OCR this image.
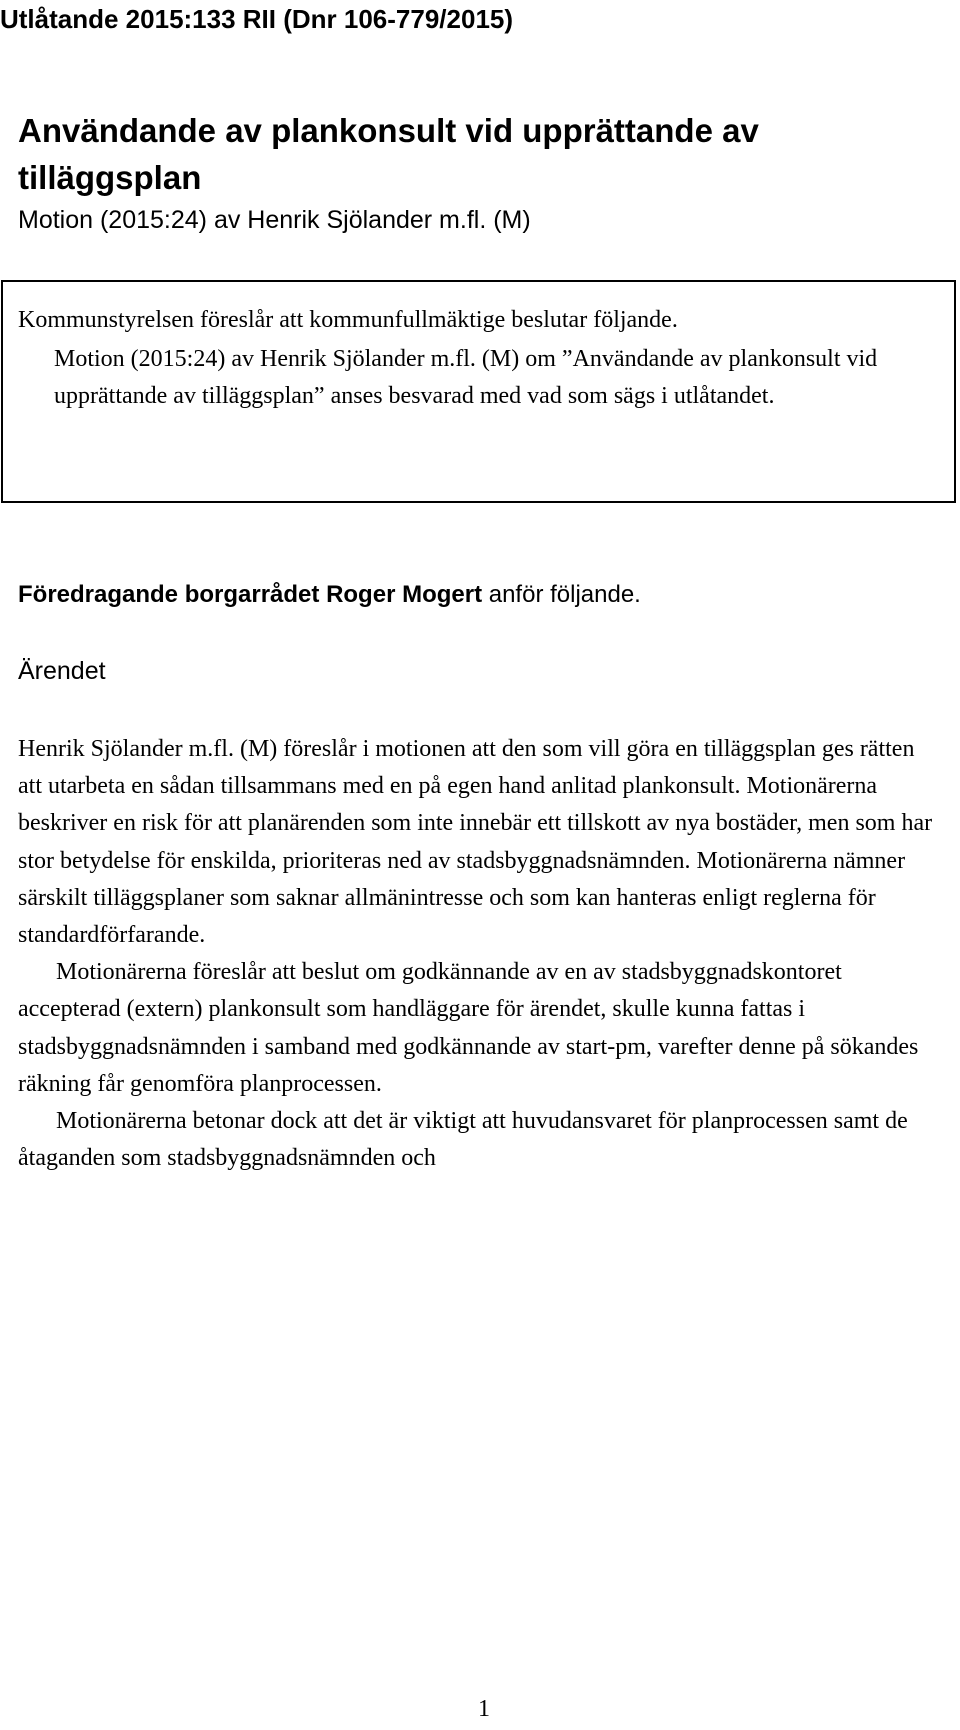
Utlåtande 2015:133 RII (Dnr 106-779/2015)
Användande av plankonsult vid upprättande av tilläggsplan
Motion (2015:24) av Henrik Sjölander m.fl. (M)
Kommunstyrelsen föreslår att kommunfullmäktige beslutar följande.

Motion (2015:24) av Henrik Sjölander m.fl. (M) om ”Användande av plankonsult vid upprättande av tilläggsplan” anses besvarad med vad som sägs i utlåtandet.

Föredragande borgarrådet Roger Mogert anför följande.
Ärendet

Henrik Sjölander m.fl. (M) föreslår i motionen att den som vill göra en tilläggsplan ges rätten att utarbeta en sådan tillsammans med en på egen hand anlitad plankonsult. Motionärerna beskriver en risk för att planärenden som inte innebär ett tillskott av nya bostäder, men som har stor betydelse för enskilda, prioriteras ned av stadsbyggnadsnämnden. Motionärerna nämner särskilt tilläggsplaner som saknar allmänintresse och som kan hanteras enligt reglerna för standardförfarande.

Motionärerna föreslår att beslut om godkännande av en av stadsbyggnadskontoret accepterad (extern) plankonsult som handläggare för ärendet, skulle kunna fattas i stadsbyggnadsnämnden i samband med godkännande av start-pm, varefter denne på sökandes räkning får genomföra planprocessen.

Motionärerna betonar dock att det är viktigt att huvudansvaret för planprocessen samt de åtaganden som stadsbyggnadsnämnden och

1
